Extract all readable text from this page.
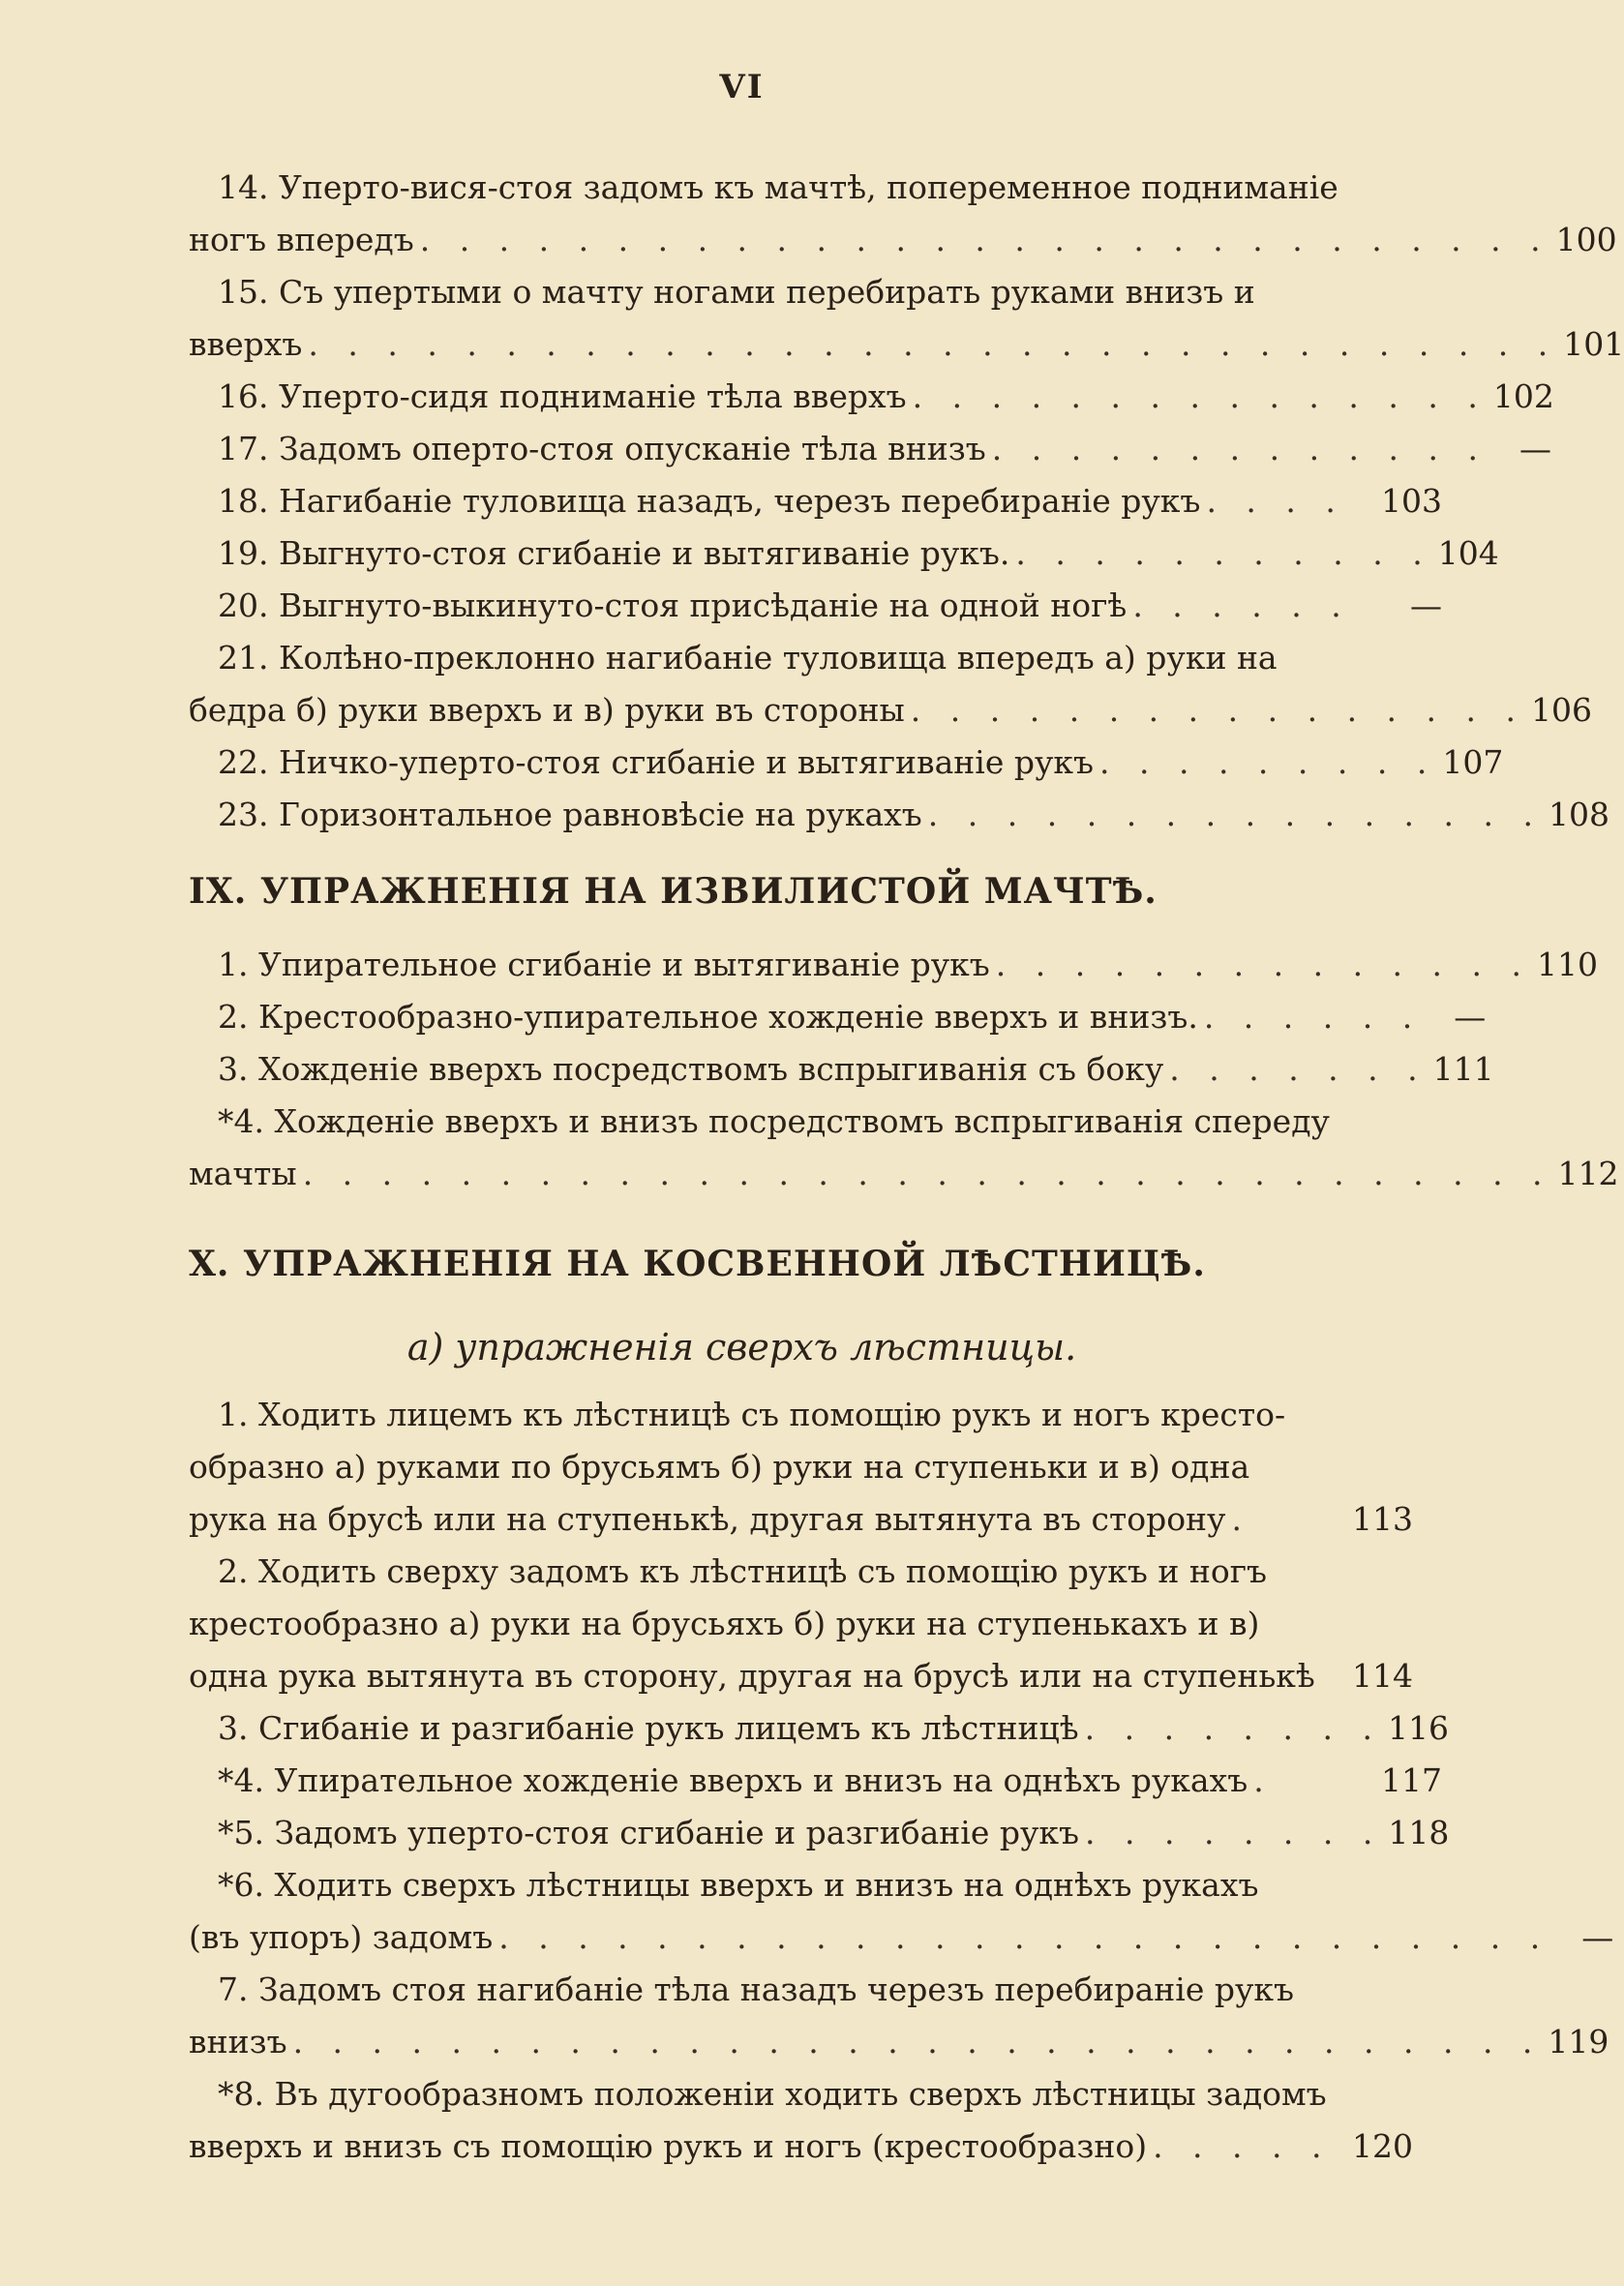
VI
14. Уперто-вися-стоя задомъ къ мачтѣ, попеременное подниманіе
ногъ впередъ . . . . . . . . . . . . . . . . . . . . . . . . . . . . . 100
15. Съ упертыми о мачту ногами перебирать руками внизъ и
вверхъ . . . . . . . . . . . . . . . . . . . . . . . . . . . . . . . . 101
16. Уперто-сидя подниманіе тѣла вверхъ . . . . . . . . . . . . . . . 102
17. Задомъ оперто-стоя опусканіе тѣла внизъ . . . . . . . . . . . . .	—
18. Нагибаніе туловища назадъ, черезъ перебираніе рукъ . . . .	103
19. Выгнуто-стоя сгибаніе и вытягиваніе рукъ. . . . . . . . . . . . 104
20. Выгнуто-выкинуто-стоя присѣданіе на одной ногѣ . . . . . .	—
21. Колѣно-преклонно нагибаніе туловища впередъ а) руки на
бедра б) руки вверхъ и в) руки въ стороны . . . . . . . . . . . . . . . . 106
22. Ничко-уперто-стоя сгибаніе и вытягиваніе рукъ . . . . . . . . . 107
23. Горизонтальное равновѣсіе на рукахъ . . . . . . . . . . . . . . . . 108
IX. УПРАЖНЕНІЯ НА ИЗВИЛИСТОЙ МАЧТѢ.
1. Упирательное сгибаніе и вытягиваніе рукъ . . . . . . . . . . . . . . 110
2. Крестообразно-упирательное хожденіе вверхъ и внизъ. . . . . . .	—
3. Хожденіе вверхъ посредствомъ вспрыгиванія съ боку . . . . . . . 111
*4. Хожденіе вверхъ и внизъ посредствомъ вспрыгиванія спереду
мачты . . . . . . . . . . . . . . . . . . . . . . . . . . . . . . . . 112
X. УПРАЖНЕНІЯ НА КОСВЕННОЙ ЛѢСТНИЦѢ.
а) упражненія сверхъ лѣстницы.
1. Ходить лицемъ къ лѣстницѣ съ помощію рукъ и ногъ кресто-
образно а) руками по брусьямъ б) руки на ступеньки и в) одна
рука на брусѣ или на ступенькѣ, другая вытянута въ сторону .	113
2. Ходить сверху задомъ къ лѣстницѣ съ помощію рукъ и ногъ
крестообразно а) руки на брусьяхъ б) руки на ступенькахъ и в)
одна рука вытянута въ сторону, другая на брусѣ или на ступенькѣ 114
3. Сгибаніе и разгибаніе рукъ лицемъ къ лѣстницѣ . . . . . . . . 116
*4. Упирательное хожденіе вверхъ и внизъ на однѣхъ рукахъ .	117
*5. Задомъ уперто-стоя сгибаніе и разгибаніе рукъ . . . . . . . . 118
*6. Ходить сверхъ лѣстницы вверхъ и внизъ на однѣхъ рукахъ
(въ упоръ) задомъ . . . . . . . . . . . . . . . . . . . . . . . . . . .	—
7. Задомъ стоя нагибаніе тѣла назадъ черезъ перебираніе рукъ
внизъ . . . . . . . . . . . . . . . . . . . . . . . . . . . . . . . . 119
*8. Въ дугообразномъ положеніи ходить сверхъ лѣстницы задомъ
вверхъ и внизъ съ помощію рукъ и ногъ (крестообразно) . . . . . 120
